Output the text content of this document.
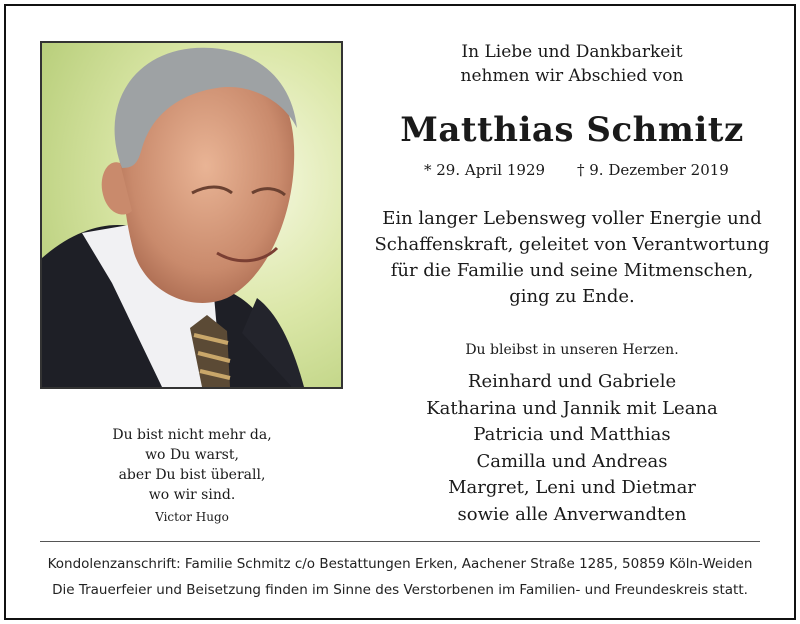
In Liebe und Dankbarkeit
nehmen wir Abschied von
Matthias Schmitz
* 29. April 1929 † 9. Dezember 2019
Ein langer Lebensweg voller Energie und
Schaffenskraft, geleitet von Verantwortung
für die Familie und seine Mitmenschen,
ging zu Ende.
Du bleibst in unseren Herzen.
Reinhard und Gabriele
Katharina und Jannik mit Leana
Patricia und Matthias
Camilla und Andreas
Margret, Leni und Dietmar
sowie alle Anverwandten
Du bist nicht mehr da,
wo Du warst,
aber Du bist überall,
wo wir sind.
Victor Hugo
Kondolenzanschrift: Familie Schmitz c/o Bestattungen Erken, Aachener Straße 1285, 50859 Köln-Weiden
Die Trauerfeier und Beisetzung finden im Sinne des Verstorbenen im Familien- und Freundeskreis statt.
